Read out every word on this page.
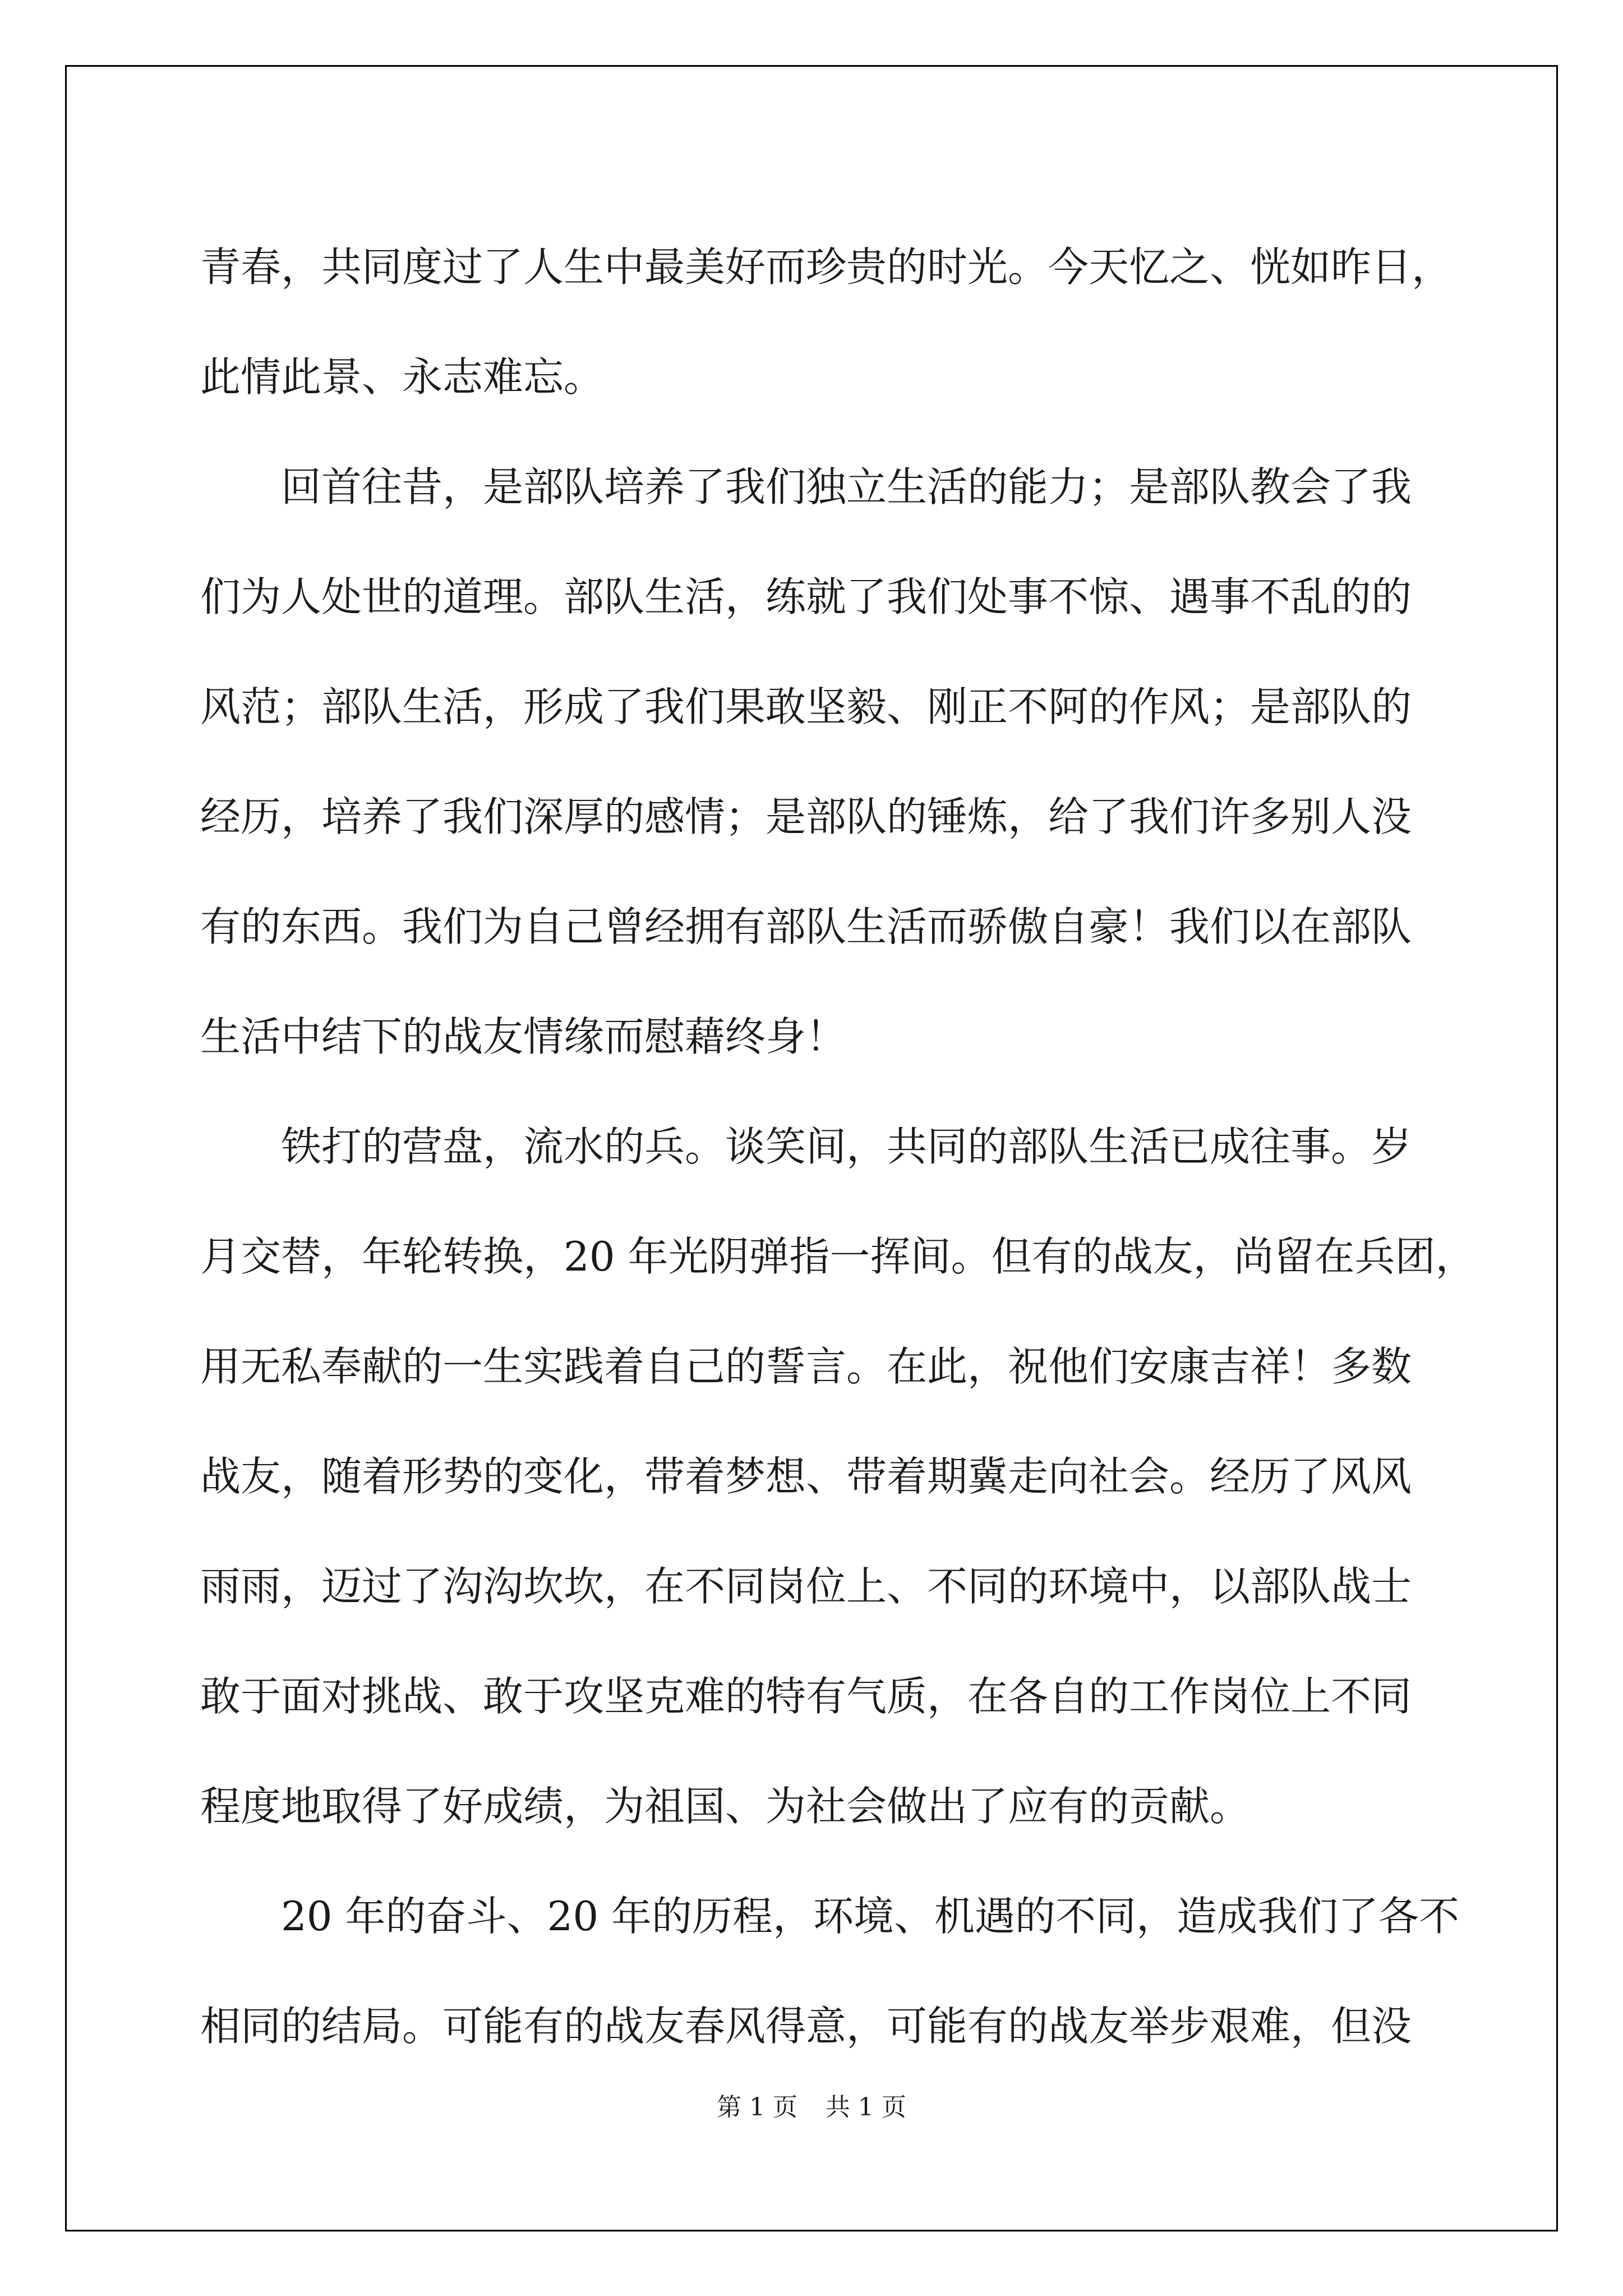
青春，共同度过了人生中最美好而珍贵的时光。今天忆之、恍如昨日，
此情此景、永志难忘。
　　回首往昔，是部队培养了我们独立生活的能力；是部队教会了我
们为人处世的道理。部队生活，练就了我们处事不惊、遇事不乱的的
风范；部队生活，形成了我们果敢坚毅、刚正不阿的作风；是部队的
经历，培养了我们深厚的感情；是部队的锤炼，给了我们许多别人没
有的东西。我们为自己曾经拥有部队生活而骄傲自豪！我们以在部队
生活中结下的战友情缘而慰藉终身！
　　铁打的营盘，流水的兵。谈笑间，共同的部队生活已成往事。岁
月交替，年轮转换，20 年光阴弹指一挥间。但有的战友，尚留在兵团，
用无私奉献的一生实践着自己的誓言。在此，祝他们安康吉祥！多数
战友，随着形势的变化，带着梦想、带着期冀走向社会。经历了风风
雨雨，迈过了沟沟坎坎，在不同岗位上、不同的环境中，以部队战士
敢于面对挑战、敢于攻坚克难的特有气质，在各自的工作岗位上不同
程度地取得了好成绩，为祖国、为社会做出了应有的贡献。
　　20 年的奋斗、20 年的历程，环境、机遇的不同，造成我们了各不
相同的结局。可能有的战友春风得意，可能有的战友举步艰难，但没
第 1 页 共 1 页
